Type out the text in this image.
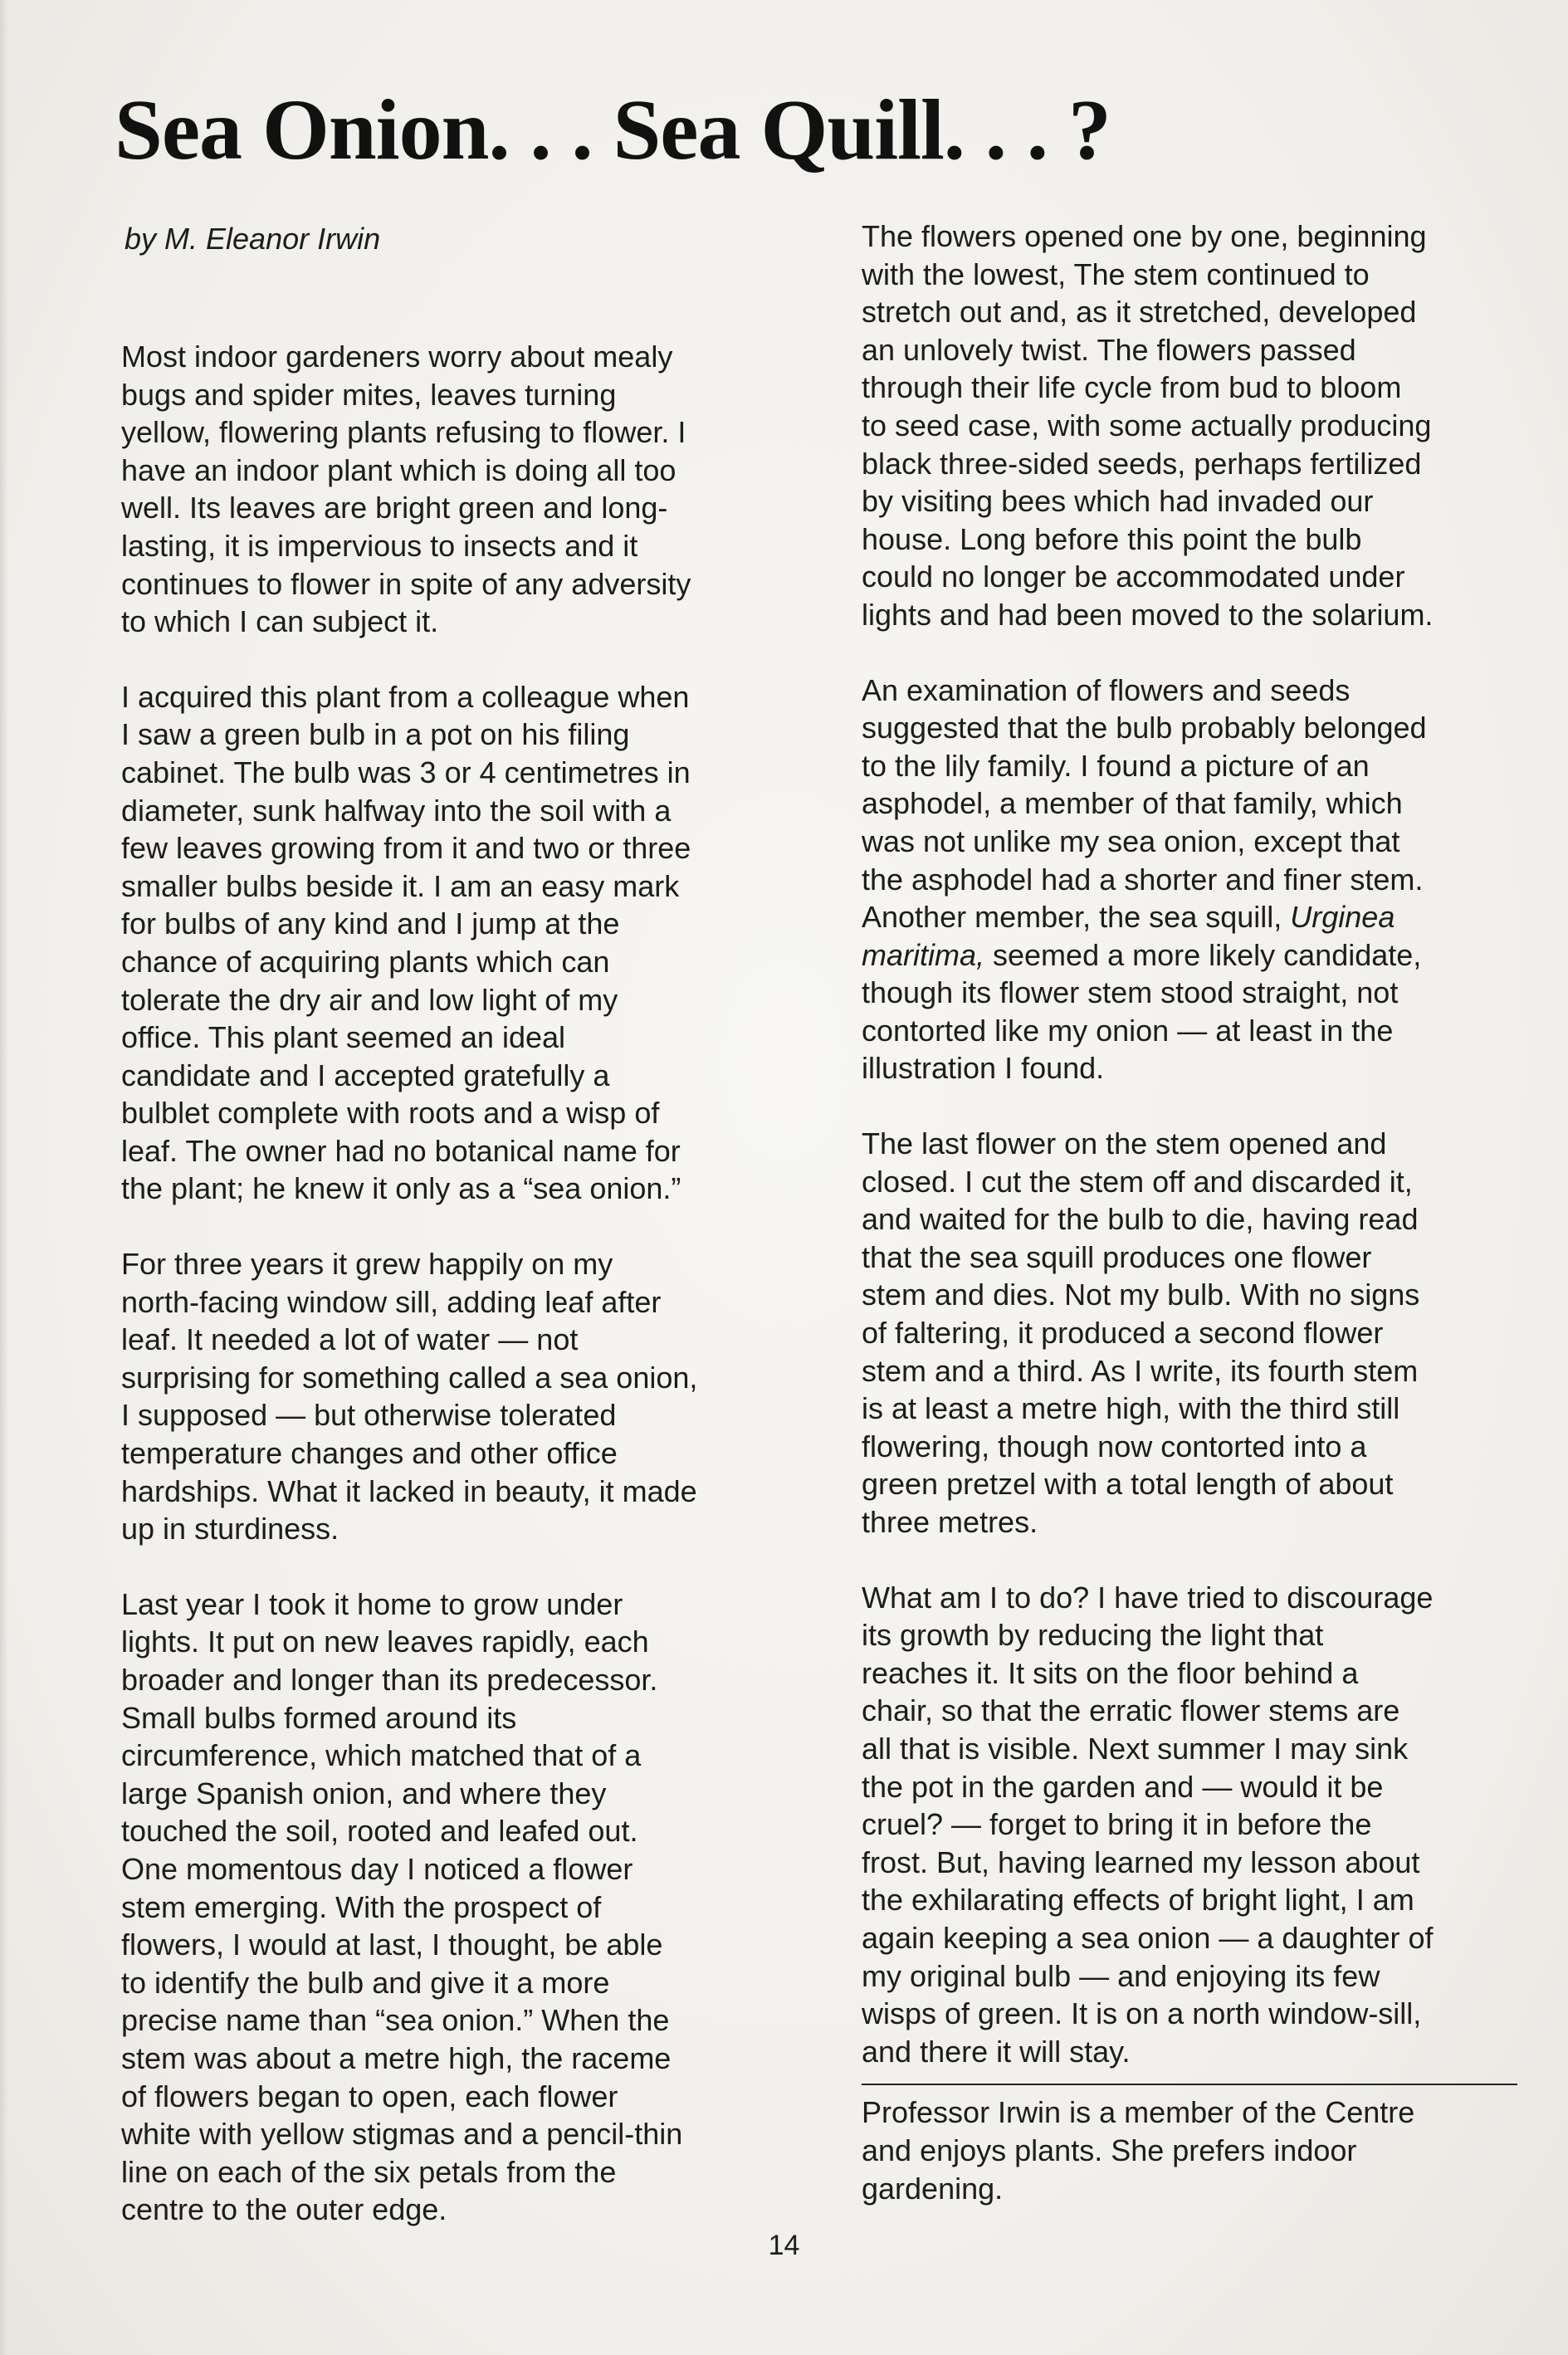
Sea Onion. . . Sea Quill. . . ?
by M. Eleanor Irwin

Most indoor gardeners worry about mealy
bugs and spider mites, leaves turning
yellow, flowering plants refusing to flower. I
have an indoor plant which is doing all too
well. Its leaves are bright green and long-
lasting, it is impervious to insects and it
continues to flower in spite of any adversity
to which I can subject it.

I acquired this plant from a colleague when
I saw a green bulb in a pot on his filing
cabinet. The bulb was 3 or 4 centimetres in
diameter, sunk halfway into the soil with a
few leaves growing from it and two or three
smaller bulbs beside it. I am an easy mark
for bulbs of any kind and I jump at the
chance of acquiring plants which can
tolerate the dry air and low light of my
office. This plant seemed an ideal
candidate and I accepted gratefully a
bulblet complete with roots and a wisp of
leaf. The owner had no botanical name for
the plant; he knew it only as a “sea onion.”

For three years it grew happily on my
north-facing window sill, adding leaf after
leaf. It needed a lot of water — not
surprising for something called a sea onion,
I supposed — but otherwise tolerated
temperature changes and other office
hardships. What it lacked in beauty, it made
up in sturdiness.

Last year I took it home to grow under
lights. It put on new leaves rapidly, each
broader and longer than its predecessor.
Small bulbs formed around its
circumference, which matched that of a
large Spanish onion, and where they
touched the soil, rooted and leafed out.
One momentous day I noticed a flower
stem emerging. With the prospect of
flowers, I would at last, I thought, be able
to identify the bulb and give it a more
precise name than “sea onion.” When the
stem was about a metre high, the raceme
of flowers began to open, each flower
white with yellow stigmas and a pencil-thin
line on each of the six petals from the
centre to the outer edge.

The flowers opened one by one, beginning
with the lowest, The stem continued to
stretch out and, as it stretched, developed
an unlovely twist. The flowers passed
through their life cycle from bud to bloom
to seed case, with some actually producing
black three-sided seeds, perhaps fertilized
by visiting bees which had invaded our
house. Long before this point the bulb
could no longer be accommodated under
lights and had been moved to the solarium.

An examination of flowers and seeds
suggested that the bulb probably belonged
to the lily family. I found a picture of an
asphodel, a member of that family, which
was not unlike my sea onion, except that
the asphodel had a shorter and finer stem.
Another member, the sea squill, Urginea
maritima, seemed a more likely candidate,
though its flower stem stood straight, not
contorted like my onion — at least in the
illustration I found.

The last flower on the stem opened and
closed. I cut the stem off and discarded it,
and waited for the bulb to die, having read
that the sea squill produces one flower
stem and dies. Not my bulb. With no signs
of faltering, it produced a second flower
stem and a third. As I write, its fourth stem
is at least a metre high, with the third still
flowering, though now contorted into a
green pretzel with a total length of about
three metres.

What am I to do? I have tried to discourage
its growth by reducing the light that
reaches it. It sits on the floor behind a
chair, so that the erratic flower stems are
all that is visible. Next summer I may sink
the pot in the garden and — would it be
cruel? — forget to bring it in before the
frost. But, having learned my lesson about
the exhilarating effects of bright light, I am
again keeping a sea onion — a daughter of
my original bulb — and enjoying its few
wisps of green. It is on a north window-sill,
and there it will stay.

Professor Irwin is a member of the Centre
and enjoys plants. She prefers indoor
gardening.

14
